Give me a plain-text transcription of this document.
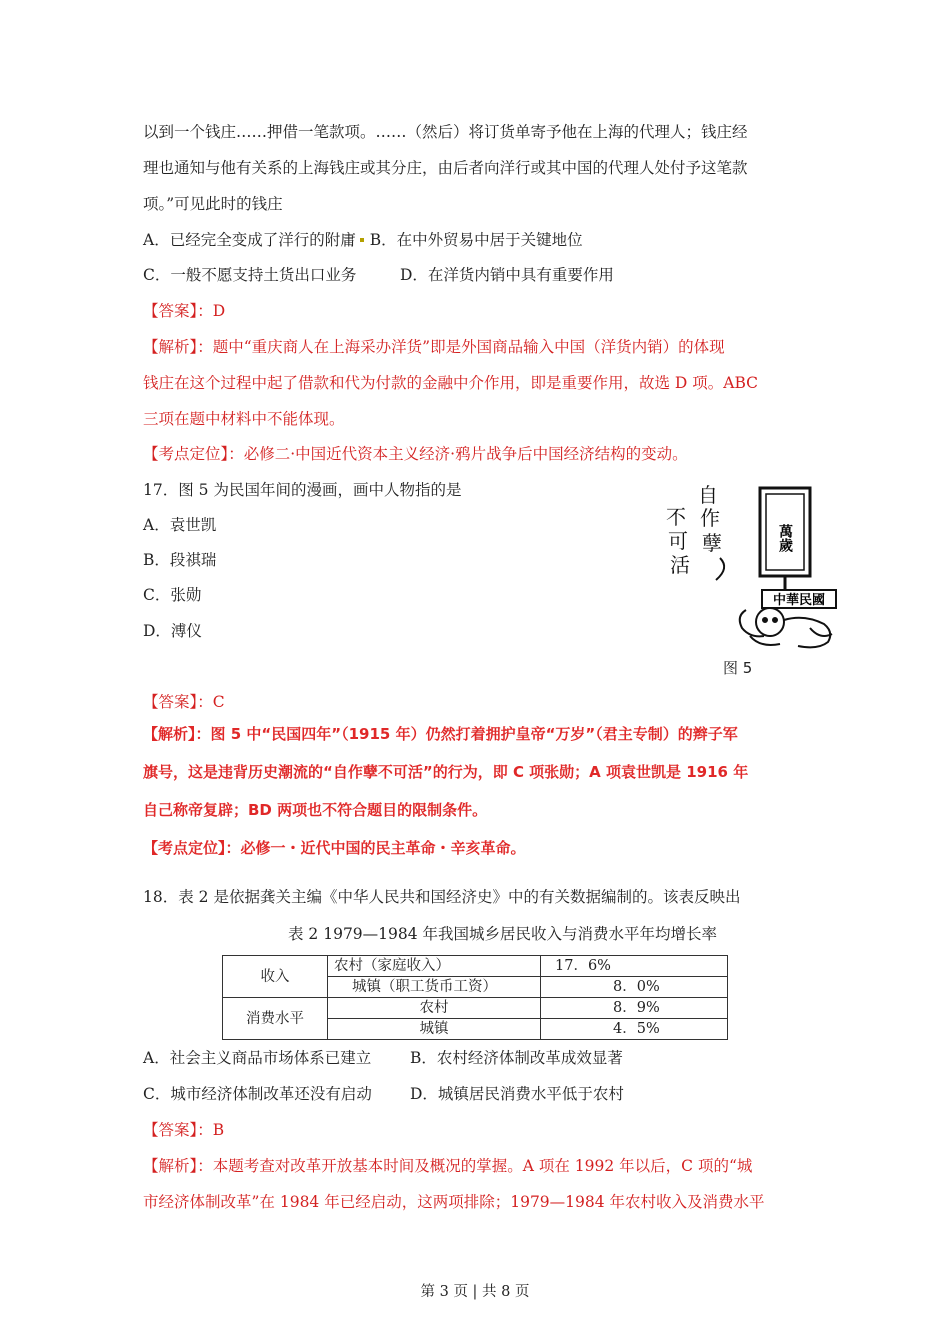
以到一个钱庄……押借一笔款项。……（然后）将订货单寄予他在上海的代理人；钱庄经
理也通知与他有关系的上海钱庄或其分庄，由后者向洋行或其中国的代理人处付予这笔款
项。”可见此时的钱庄
A．已经完全变成了洋行的附庸 B．在中外贸易中居于关键地位
C．一般不愿支持土货出口业务	D．在洋货内销中具有重要作用
【答案】：D
【解析】：题中“重庆商人在上海采办洋货”即是外国商品输入中国（洋货内销）的体现
钱庄在这个过程中起了借款和代为付款的金融中介作用，即是重要作用，故选 D 项。ABC
三项在题中材料中不能体现。
【考点定位】：必修二·中国近代资本主义经济·鸦片战争后中国经济结构的变动。
17．图 5 为民国年间的漫画，画中人物指的是
A．袁世凯
B．段祺瑞
C．张勋
D．溥仪
自
作
孽
不
可
活
萬歲
中華民國
图 5
【答案】：C
【解析】：图 5 中“民国四年”（1915 年）仍然打着拥护皇帝“万岁”（君主专制）的辫子军
旗号，这是违背历史潮流的“自作孽不可活”的行为，即 C 项张勋；A 项袁世凯是 1916 年
自己称帝复辟；BD 两项也不符合题目的限制条件。
【考点定位】：必修一・近代中国的民主革命・辛亥革命。
18．表 2 是依据龚关主编《中华人民共和国经济史》中的有关数据编制的。该表反映出
表 2 1979—1984 年我国城乡居民收入与消费水平年均增长率
收入	农村（家庭收入）	17．6%
	城镇（职工货币工资）	8．0%
消费水平	农村	8．9%
	城镇	4．5%
A．社会主义商品市场体系已建立	B．农村经济体制改革成效显著
C．城市经济体制改革还没有启动 D．城镇居民消费水平低于农村
【答案】：B
【解析】：本题考查对改革开放基本时间及概况的掌握。A 项在 1992 年以后，C 项的“城
市经济体制改革”在 1984 年已经启动，这两项排除；1979—1984 年农村收入及消费水平
第 3 页 | 共 8 页
